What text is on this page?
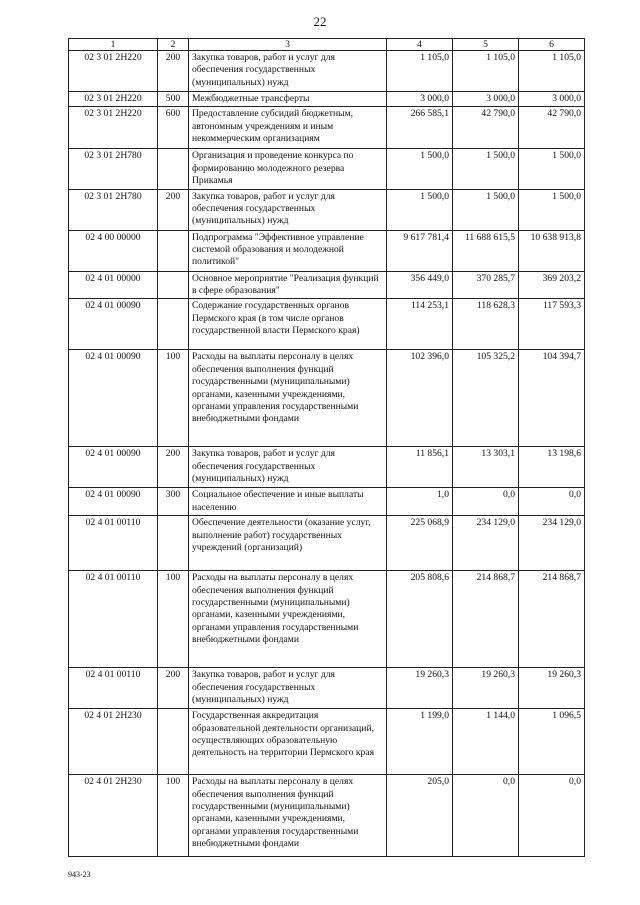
22
1	2	3	4	5	6
02 3 01 2Н220	200	Закупка товаров, работ и услуг для обеспечения государственных (муниципальных) нужд	1 105,0	1 105,0	1 105,0
02 3 01 2Н220	500	Межбюджетные трансферты	3 000,0	3 000,0	3 000,0
02 3 01 2Н220	600	Предоставление субсидий бюджетным, автономным учреждениям и иным некоммерческим организациям	266 585,1	42 790,0	42 790,0
02 3 01 2Н780		Организация и проведение конкурса по формированию молодежного резерва Прикамья	1 500,0	1 500,0	1 500,0
02 3 01 2Н780	200	Закупка товаров, работ и услуг для обеспечения государственных (муниципальных) нужд	1 500,0	1 500,0	1 500,0
02 4 00 00000		Подпрограмма "Эффективное управление системой образования и молодежной политикой"	9 617 781,4	11 688 615,5	10 638 913,8
02 4 01 00000		Основное мероприятие "Реализация функций в сфере образования"	356 449,0	370 285,7	369 203,2
02 4 01 00090		Содержание государственных органов Пермского края (в том числе органов государственной власти Пермского края)	114 253,1	118 628,3	117 593,3
02 4 01 00090	100	Расходы на выплаты персоналу в целях обеспечения выполнения функций государственными (муниципальными) органами, казенными учреждениями, органами управления государственными внебюджетными фондами	102 396,0	105 325,2	104 394,7
02 4 01 00090	200	Закупка товаров, работ и услуг для обеспечения государственных (муниципальных) нужд	11 856,1	13 303,1	13 198,6
02 4 01 00090	300	Социальное обеспечение и иные выплаты населению	1,0	0,0	0,0
02 4 01 00110		Обеспечение деятельности (оказание услуг, выполнение работ) государственных учреждений (организаций)	225 068,9	234 129,0	234 129,0
02 4 01 00110	100	Расходы на выплаты персоналу в целях обеспечения выполнения функций государственными (муниципальными) органами, казенными учреждениями, органами управления государственными внебюджетными фондами	205 808,6	214 868,7	214 868,7
02 4 01 00110	200	Закупка товаров, работ и услуг для обеспечения государственных (муниципальных) нужд	19 260,3	19 260,3	19 260,3
02 4 01 2Н230		Государственная аккредитация образовательной деятельности организаций, осуществляющих образовательную деятельность на территории Пермского края	1 199,0	1 144,0	1 096,5
02 4 01 2Н230	100	Расходы на выплаты персоналу в целях обеспечения выполнения функций государственными (муниципальными) органами, казенными учреждениями, органами управления государственными внебюджетными фондами	205,0	0,0	0,0
943-23
